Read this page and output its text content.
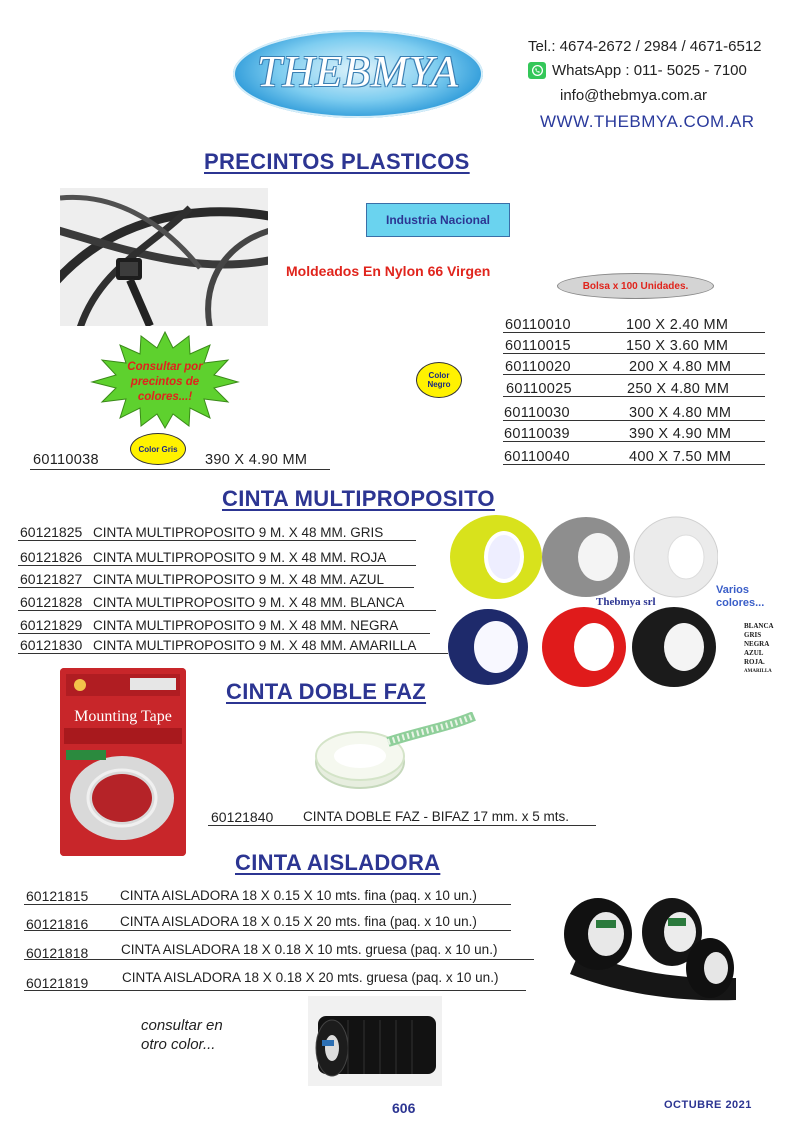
THEBMYA
Tel.: 4674-2672 / 2984 / 4671-6512
WhatsApp : 011- 5025 - 7100
info@thebmya.com.ar
WWW.THEBMYA.COM.AR
PRECINTOS PLASTICOS
Industria Nacional
Moldeados En Nylon 66 Virgen
Bolsa x 100 Unidades.
Consultar por precintos de colores...!
Color Negro
Color Gris
60110038	390 X 4.90 MM
60110010	100 X 2.40 MM
60110015	150 X 3.60 MM
60110020	200 X 4.80 MM
60110025	250 X 4.80 MM
60110030	300 X 4.80 MM
60110039	390 X 4.90 MM
60110040	400 X 7.50 MM
CINTA MULTIPROPOSITO
60121825 CINTA MULTIPROPOSITO 9 M. X 48 MM. GRIS
60121826 CINTA MULTIPROPOSITO 9 M. X 48 MM. ROJA
60121827 CINTA MULTIPROPOSITO 9 M. X 48 MM. AZUL
60121828 CINTA MULTIPROPOSITO 9 M. X 48 MM. BLANCA
60121829 CINTA MULTIPROPOSITO 9 M. X 48 MM. NEGRA
60121830 CINTA MULTIPROPOSITO 9 M. X 48 MM. AMARILLA
Thebmya srl
Varios colores...
BLANCA
GRIS
NEGRA
AZUL
ROJA.
AMARILLA
CINTA DOBLE FAZ
Mounting Tape
60121840 CINTA DOBLE FAZ - BIFAZ 17 mm. x 5 mts.
CINTA AISLADORA
60121815 CINTA AISLADORA 18 X 0.15 X 10 mts. fina (paq. x 10 un.)
60121816 CINTA AISLADORA 18 X 0.15 X 20 mts. fina (paq. x 10 un.)
60121818 CINTA AISLADORA 18 X 0.18 X 10 mts. gruesa (paq. x 10 un.)
60121819 CINTA AISLADORA 18 X 0.18 X 20 mts. gruesa (paq. x 10 un.)
consultar en otro color...
606	OCTUBRE 2021
